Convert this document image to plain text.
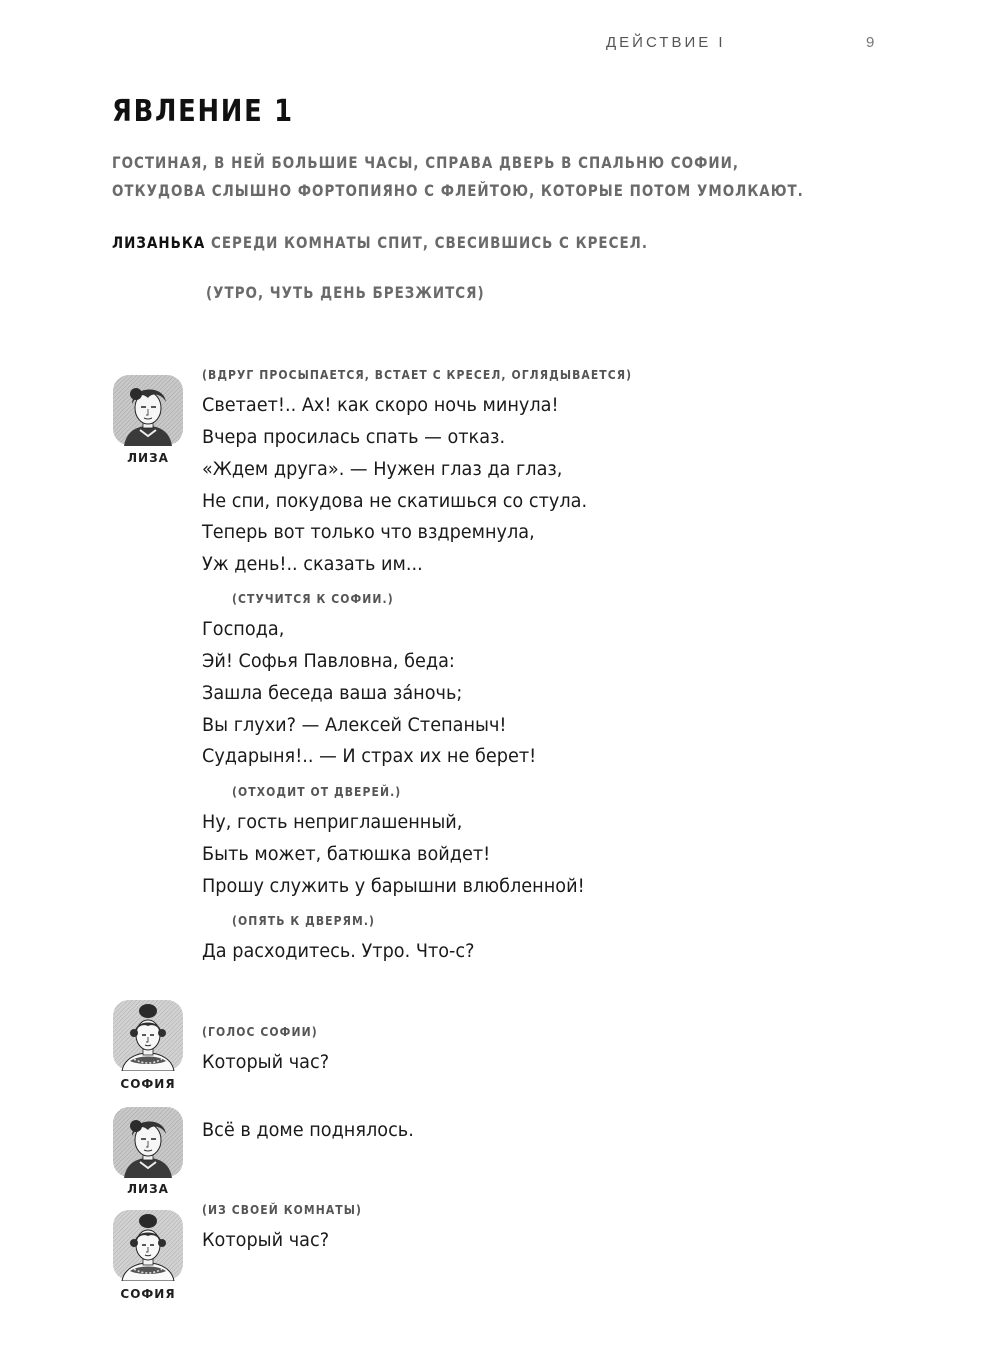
ДЕЙСТВИЕ I	9
ЯВЛЕНИЕ 1
ГОСТИНАЯ, В НЕЙ БОЛЬШИЕ ЧАСЫ, СПРАВА ДВЕРЬ В СПАЛЬНЮ СОФИИ,
ОТКУДОВА СЛЫШНО ФОРТОПИЯНО С ФЛЕЙТОЮ, КОТОРЫЕ ПОТОМ УМОЛКАЮТ.
ЛИЗАНЬКА СЕРЕДИ КОМНАТЫ СПИТ, СВЕСИВШИСЬ С КРЕСЕЛ.
(УТРО, ЧУТЬ ДЕНЬ БРЕЗЖИТСЯ)
ЛИЗА
(ВДРУГ ПРОСЫПАЕТСЯ, ВСТАЕТ С КРЕСЕЛ, ОГЛЯДЫВАЕТСЯ)
Светает!.. Ах! как скоро ночь минула!
Вчера просилась спать — отказ.
«Ждем друга». — Нужен глаз да глаз,
Не спи, покудова не скатишься со стула.
Теперь вот только что вздремнула,
Уж день!.. сказать им...
(СТУЧИТСЯ К СОФИИ.)
Господа,
Эй! Софья Павловна, беда:
Зашла беседа ваша зáночь;
Вы глухи? — Алексей Степаныч!
Сударыня!.. — И страх их не берет!
(ОТХОДИТ ОТ ДВЕРЕЙ.)
Ну, гость неприглашенный,
Быть может, батюшка войдет!
Прошу служить у барышни влюбленной!
(ОПЯТЬ К ДВЕРЯМ.)
Да расходитесь. Утро. Что-с?
СОФИЯ
(ГОЛОС СОФИИ)
Который час?
ЛИЗА
Всё в доме поднялось.
СОФИЯ
(ИЗ СВОЕЙ КОМНАТЫ)
Который час?
